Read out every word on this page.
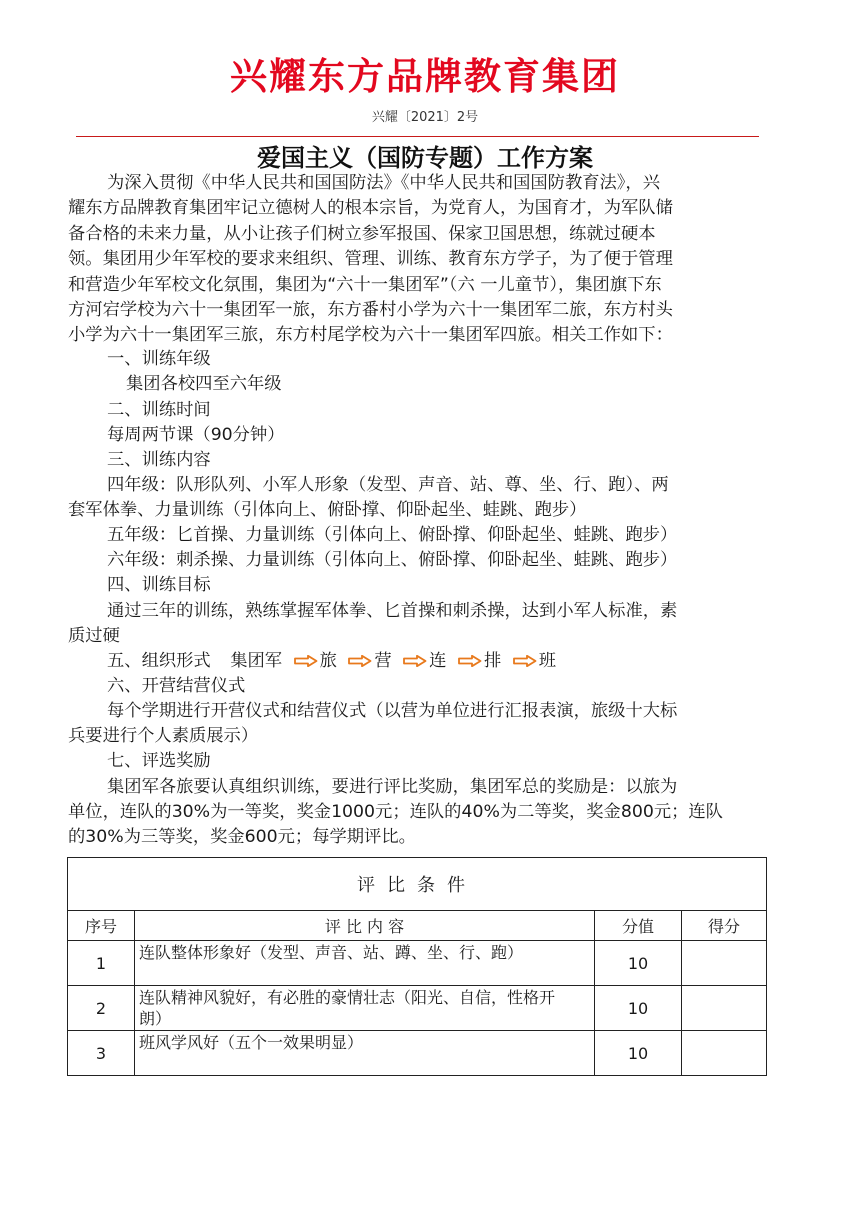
兴耀东方品牌教育集团
兴耀〔2021〕2号
爱国主义（国防专题）工作方案
为深入贯彻《中华人民共和国国防法》《中华人民共和国国防教育法》，兴
耀东方品牌教育集团牢记立德树人的根本宗旨，为党育人，为国育才，为军队储
备合格的未来力量，从小让孩子们树立参军报国、保家卫国思想，练就过硬本
领。集团用少年军校的要求来组织、管理、训练、教育东方学子，为了便于管理
和营造少年军校文化氛围，集团为“六十一集团军”（六 一儿童节），集团旗下东
方河宕学校为六十一集团军一旅，东方番村小学为六十一集团军二旅，东方村头
小学为六十一集团军三旅，东方村尾学校为六十一集团军四旅。相关工作如下：
一、训练年级
集团各校四至六年级
二、训练时间
每周两节课（90分钟）
三、训练内容
四年级：队形队列、小军人形象（发型、声音、站、尊、坐、行、跑）、两
套军体拳、力量训练（引体向上、俯卧撑、仰卧起坐、蛙跳、跑步）
五年级：匕首操、力量训练（引体向上、俯卧撑、仰卧起坐、蛙跳、跑步）
六年级：刺杀操、力量训练（引体向上、俯卧撑、仰卧起坐、蛙跳、跑步）
四、训练目标
通过三年的训练，熟练掌握军体拳、匕首操和刺杀操，达到小军人标准，素
质过硬
五、组织形式 集团军 旅 营 连 排 班
六、开营结营仪式
每个学期进行开营仪式和结营仪式（以营为单位进行汇报表演，旅级十大标
兵要进行个人素质展示）
七、评选奖励
集团军各旅要认真组织训练，要进行评比奖励，集团军总的奖励是：以旅为
单位，连队的30%为一等奖，奖金1000元；连队的40%为二等奖，奖金800元；连队
的30%为三等奖，奖金600元；每学期评比。
评比条件			
序号	评 比 内 容	分值	得分
1	连队整体形象好（发型、声音、站、蹲、坐、行、跑）	10	
2	连队精神风貌好，有必胜的豪情壮志（阳光、自信，性格开
朗）	10	
3	班风学风好（五个一效果明显）	10	
